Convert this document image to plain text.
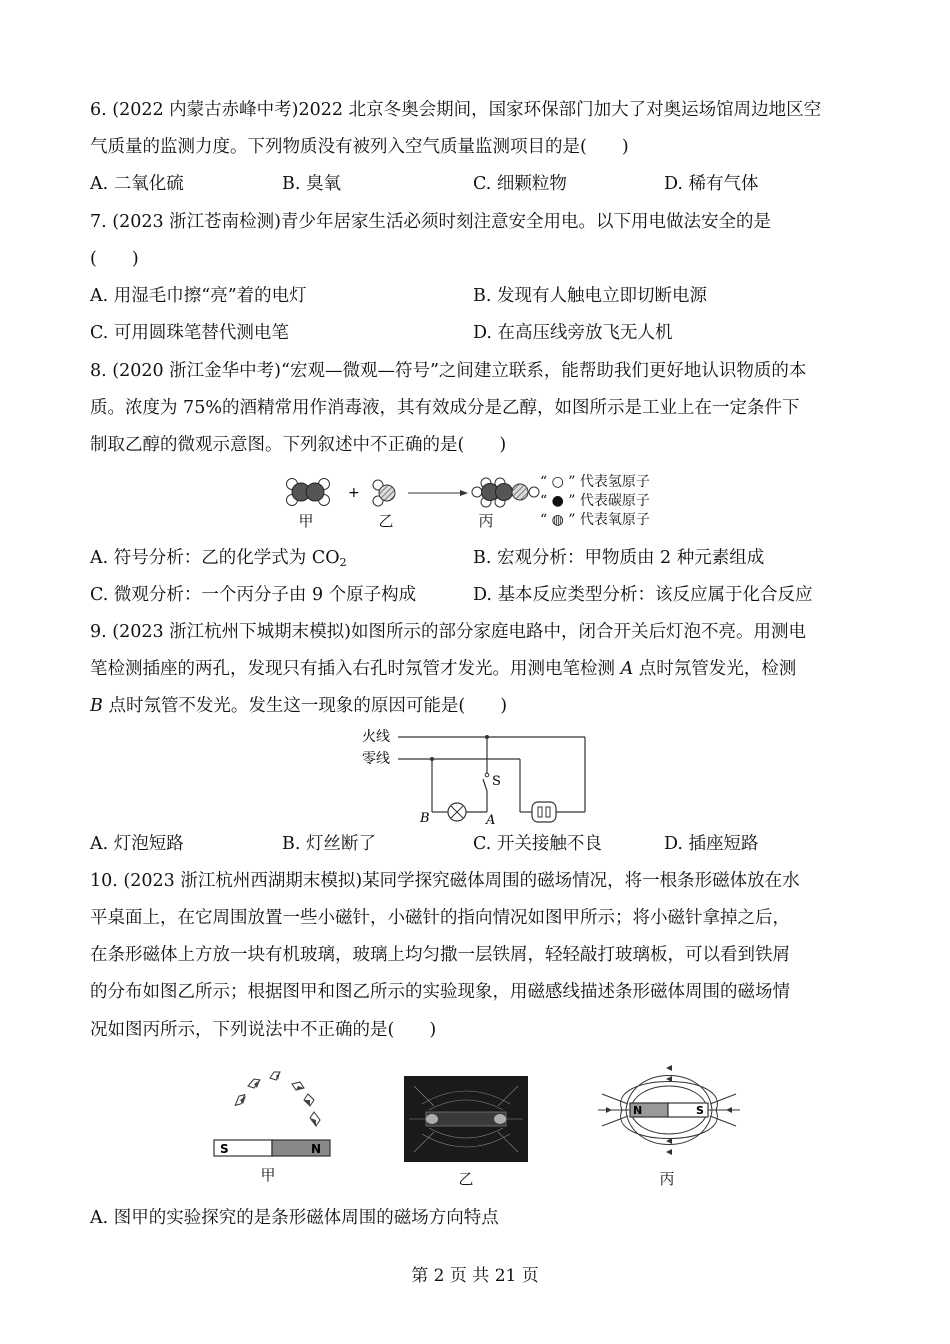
6. (2022 内蒙古赤峰中考)2022 北京冬奥会期间，国家环保部门加大了对奥运场馆周边地区空
气质量的监测力度。下列物质没有被列入空气质量监测项目的是(　　)
A. 二氧化硫	B. 臭氧	C. 细颗粒物	D. 稀有气体
7. (2023 浙江苍南检测)青少年居家生活必须时刻注意安全用电。以下用电做法安全的是
(　　)
A. 用湿毛巾擦“亮”着的电灯	B. 发现有人触电立即切断电源
C. 可用圆珠笔替代测电笔	D. 在高压线旁放飞无人机
8. (2020 浙江金华中考)“宏观—微观—符号”之间建立联系，能帮助我们更好地认识物质的本
质。浓度为 75%的酒精常用作消毒液，其有效成分是乙醇，如图所示是工业上在一定条件下
制取乙醇的微观示意图。下列叙述中不正确的是(　　)
+
甲	乙	丙
“ ○ ” 代表氢原子
“ ● ” 代表碳原子
“ ◍ ” 代表氧原子
A. 符号分析：乙的化学式为 $CO_2$	B. 宏观分析：甲物质由 2 种元素组成
C. 微观分析：一个丙分子由 9 个原子构成	D. 基本反应类型分析：该反应属于化合反应
9. (2023 浙江杭州下城期末模拟)如图所示的部分家庭电路中，闭合开关后灯泡不亮。用测电
笔检测插座的两孔，发现只有插入右孔时氖管才发光。用测电笔检测 A 点时氖管发光，检测
B 点时氖管不发光。发生这一现象的原因可能是(　　)
火线
零线
S
B	A
A. 灯泡短路	B. 灯丝断了	C. 开关接触不良	D. 插座短路
10. (2023 浙江杭州西湖期末模拟)某同学探究磁体周围的磁场情况，将一根条形磁体放在水
平桌面上，在它周围放置一些小磁针，小磁针的指向情况如图甲所示；将小磁针拿掉之后，
在条形磁体上方放一块有机玻璃，玻璃上均匀撒一层铁屑，轻轻敲打玻璃板，可以看到铁屑
的分布如图乙所示；根据图甲和图乙所示的实验现象，用磁感线描述条形磁体周围的磁场情
况如图丙所示，下列说法中不正确的是(　　)
S	N
甲	乙
N	S
丙
A. 图甲的实验探究的是条形磁体周围的磁场方向特点
第 2 页 共 21 页
